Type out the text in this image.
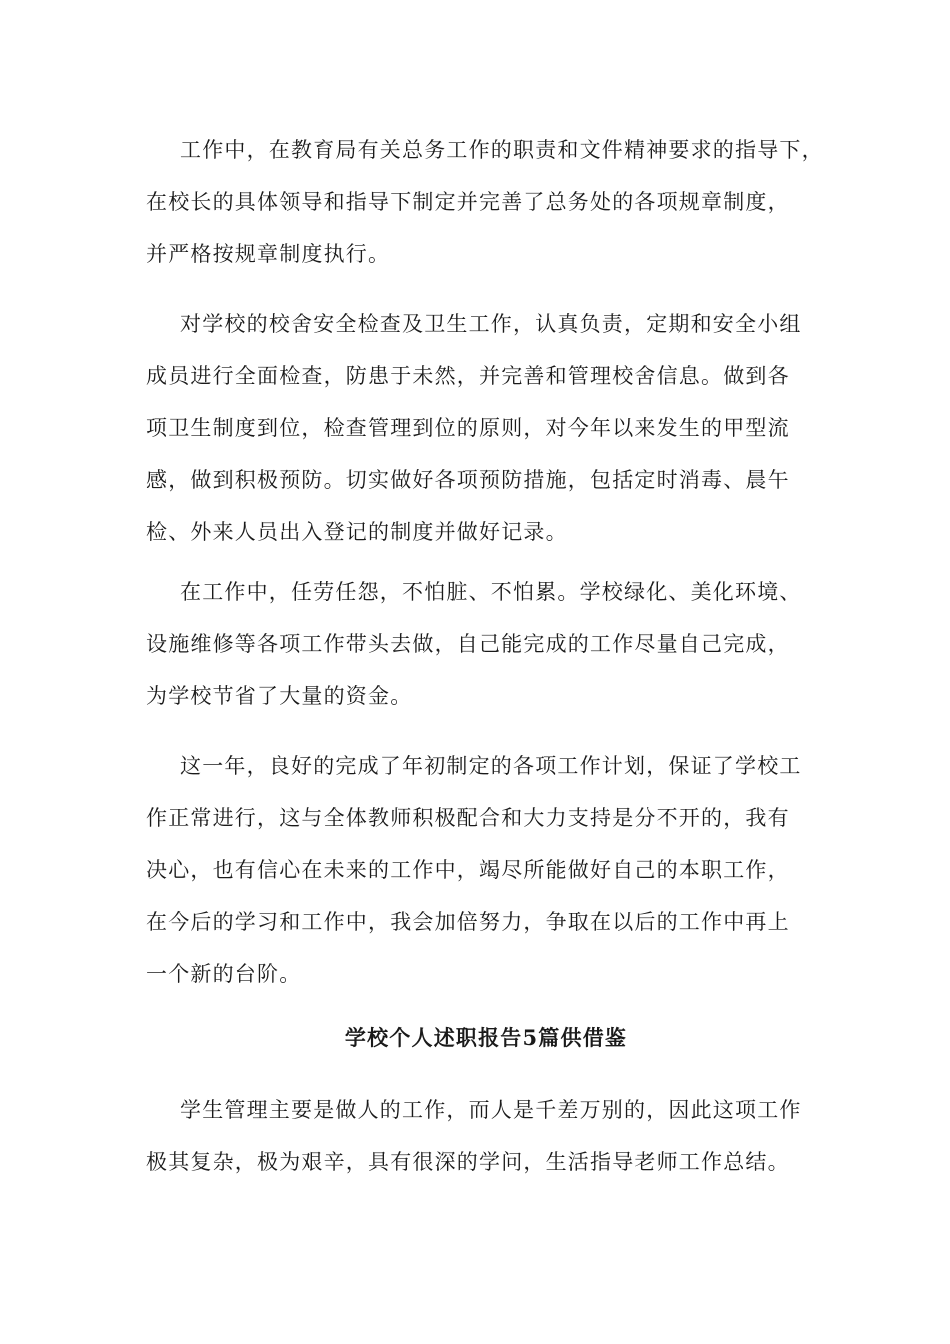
工作中，在教育局有关总务工作的职责和文件精神要求的指导下，
在校长的具体领导和指导下制定并完善了总务处的各项规章制度，
并严格按规章制度执行。
对学校的校舍安全检查及卫生工作，认真负责，定期和安全小组
成员进行全面检查，防患于未然，并完善和管理校舍信息。做到各
项卫生制度到位，检查管理到位的原则，对今年以来发生的甲型流
感，做到积极预防。切实做好各项预防措施，包括定时消毒、晨午
检、外来人员出入登记的制度并做好记录。
在工作中，任劳任怨，不怕脏、不怕累。学校绿化、美化环境、
设施维修等各项工作带头去做，自己能完成的工作尽量自己完成，
为学校节省了大量的资金。
这一年，良好的完成了年初制定的各项工作计划，保证了学校工
作正常进行，这与全体教师积极配合和大力支持是分不开的，我有
决心，也有信心在未来的工作中，竭尽所能做好自己的本职工作，
在今后的学习和工作中，我会加倍努力，争取在以后的工作中再上
一个新的台阶。
学校个人述职报告5篇供借鉴
学生管理主要是做人的工作，而人是千差万别的，因此这项工作
极其复杂，极为艰辛，具有很深的学问，生活指导老师工作总结。
